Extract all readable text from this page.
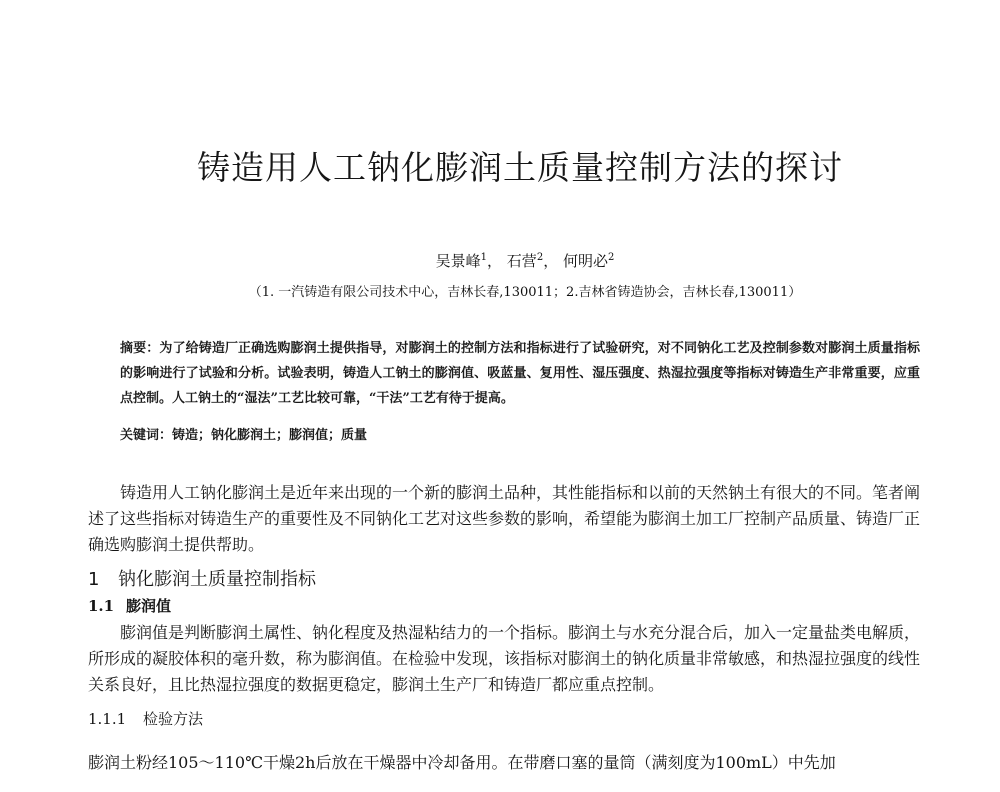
铸造用人工钠化膨润土质量控制方法的探讨
吴景峰$^1$， 石营$^2$， 何明必$^2$
（1. 一汽铸造有限公司技术中心，吉林长春,130011；2.吉林省铸造协会，吉林长春,130011）
摘要：为了给铸造厂正确选购膨润土提供指导，对膨润土的控制方法和指标进行了试验研究，对不同钠化工艺及控制参数对膨润土质量指标的影响进行了试验和分析。试验表明，铸造人工钠土的膨润值、吸蓝量、复用性、湿压强度、热湿拉强度等指标对铸造生产非常重要，应重点控制。人工钠土的“湿法”工艺比较可靠，“干法”工艺有待于提高。
关键词：铸造；钠化膨润土；膨润值；质量

铸造用人工钠化膨润土是近年来出现的一个新的膨润土品种，其性能指标和以前的天然钠土有很大的不同。笔者阐述了这些指标对铸造生产的重要性及不同钠化工艺对这些参数的影响，希望能为膨润土加工厂控制产品质量、铸造厂正确选购膨润土提供帮助。

1 钠化膨润土质量控制指标
1.1 膨润值

膨润值是判断膨润土属性、钠化程度及热湿粘结力的一个指标。膨润土与水充分混合后，加入一定量盐类电解质，所形成的凝胶体积的毫升数，称为膨润值。在检验中发现，该指标对膨润土的钠化质量非常敏感，和热湿拉强度的线性关系良好，且比热湿拉强度的数据更稳定，膨润土生产厂和铸造厂都应重点控制。

1.1.1 检验方法

膨润土粉经105～110℃干燥2h后放在干燥器中冷却备用。在带磨口塞的量筒（满刻度为100mL）中先加
